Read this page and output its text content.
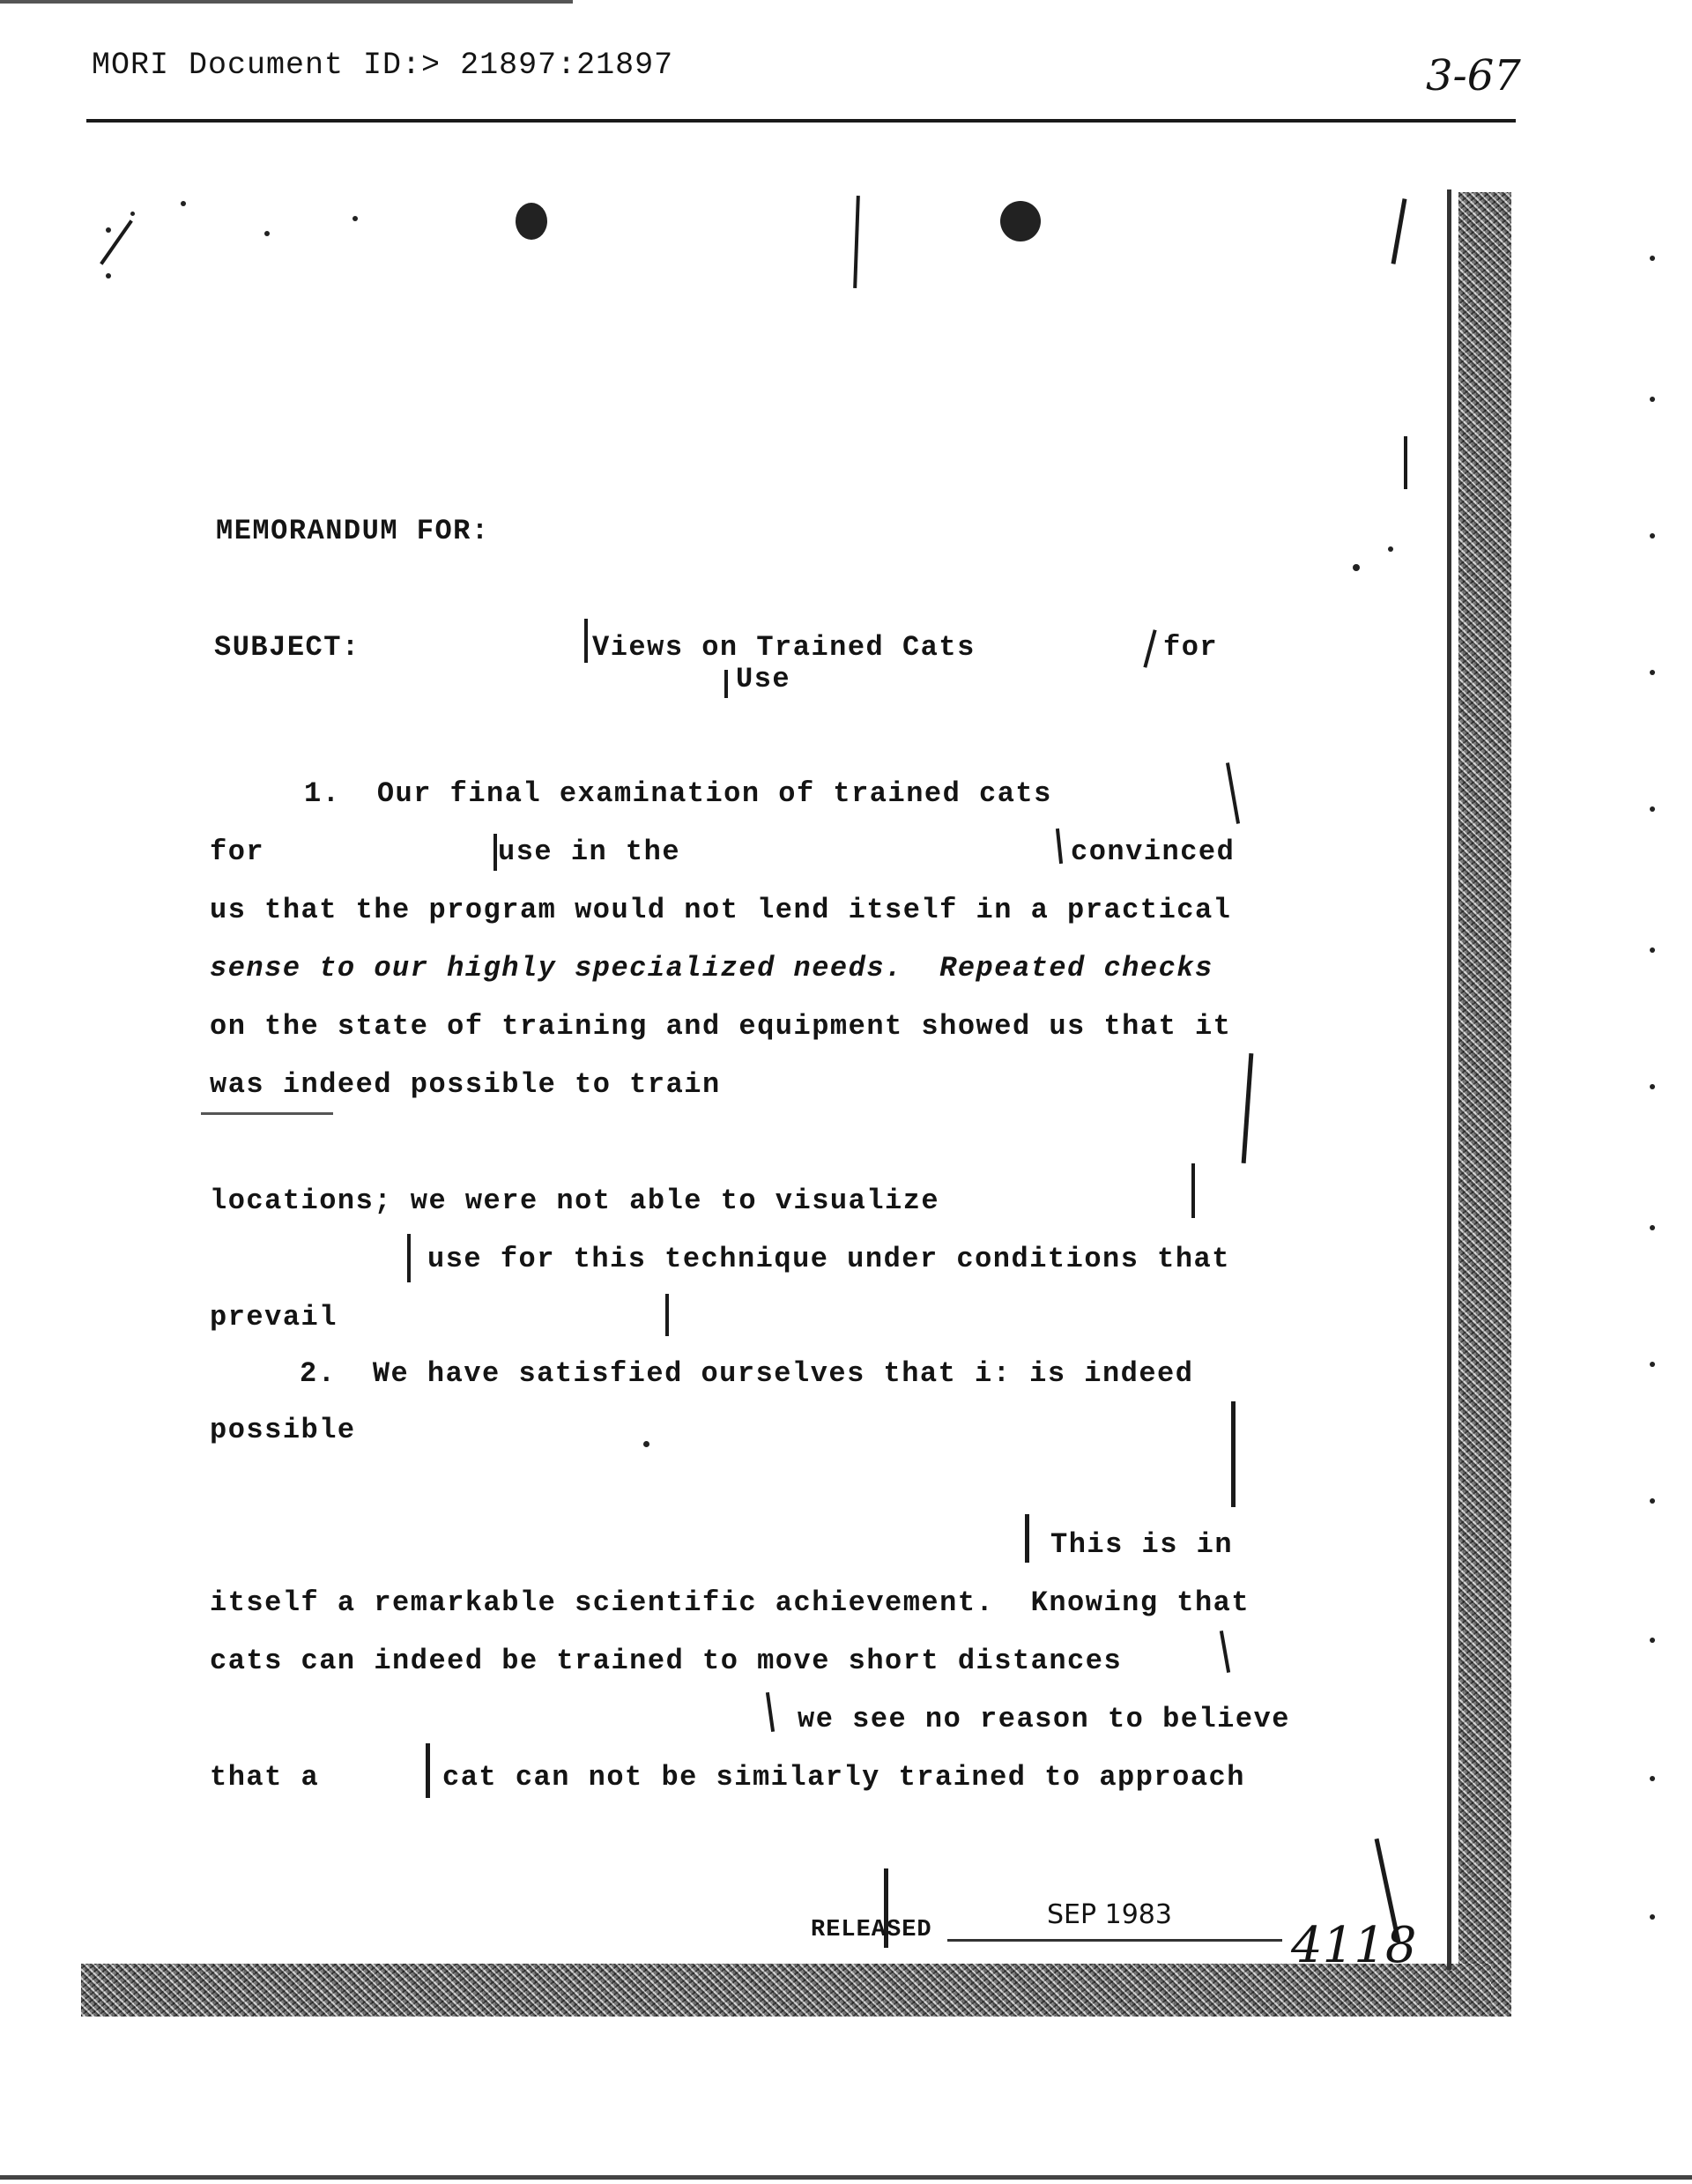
MORI Document ID:> 21897:21897	3-67
MEMORANDUM FOR:
SUBJECT:	Views on Trained Cats	for
Use
1.  Our final examination of trained cats
for	use in the	convinced
us that the program would not lend itself in a practical
sense to our highly specialized needs.  Repeated checks
on the state of training and equipment showed us that it
was indeed possible to train
locations; we were not able to visualize
use for this technique under conditions that
prevail
2.  We have satisfied ourselves that i: is indeed
possible
This is in
itself a remarkable scientific achievement.  Knowing that
cats can indeed be trained to move short distances
we see no reason to believe
that a	cat can not be similarly trained to approach
RELEASED	SEP 1983
4118
